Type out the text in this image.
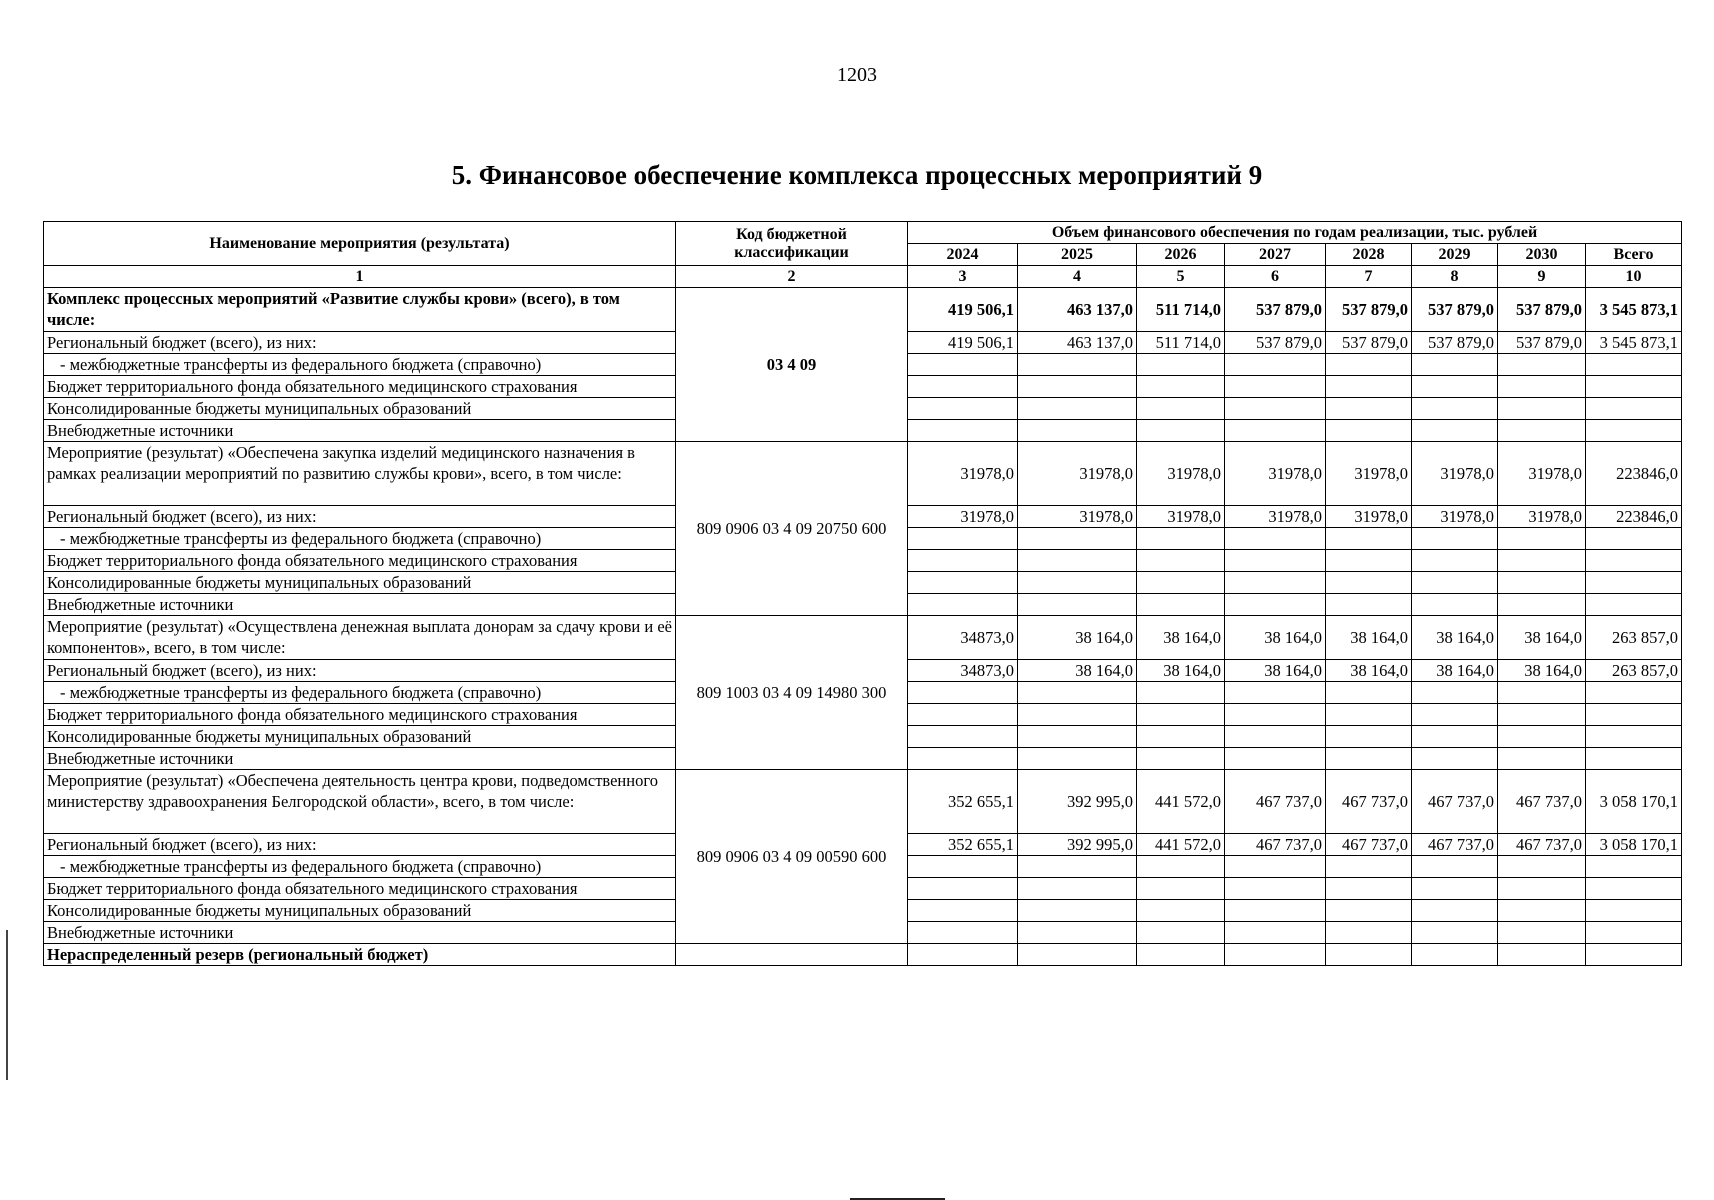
1203
5. Финансовое обеспечение комплекса процессных мероприятий 9
Наименование мероприятия (результата)	Код бюджетной классификации	Объем финансового обеспечения по годам реализации, тыс. рублей							
		2024	2025	2026	2027	2028	2029	2030	Всего
1	2	3	4	5	6	7	8	9	10
Комплекс процессных мероприятий «Развитие службы крови» (всего), в том числе:	03 4 09	419 506,1	463 137,0	511 714,0	537 879,0	537 879,0	537 879,0	537 879,0	3 545 873,1
Региональный бюджет (всего), из них:		419 506,1	463 137,0	511 714,0	537 879,0	537 879,0	537 879,0	537 879,0	3 545 873,1
- межбюджетные трансферты из федерального бюджета (справочно)									
Бюджет территориального фонда обязательного медицинского страхования									
Консолидированные бюджеты муниципальных образований									
Внебюджетные источники									
Мероприятие (результат) «Обеспечена закупка изделий медицинского назначения в рамках реализации мероприятий по развитию службы крови», всего, в том числе:	809 0906 03 4 09 20750 600	31978,0	31978,0	31978,0	31978,0	31978,0	31978,0	31978,0	223846,0
Региональный бюджет (всего), из них:		31978,0	31978,0	31978,0	31978,0	31978,0	31978,0	31978,0	223846,0
- межбюджетные трансферты из федерального бюджета (справочно)									
Бюджет территориального фонда обязательного медицинского страхования									
Консолидированные бюджеты муниципальных образований									
Внебюджетные источники									
Мероприятие (результат) «Осуществлена денежная выплата донорам за сдачу крови и её компонентов», всего, в том числе:	809 1003 03 4 09 14980 300	34873,0	38 164,0	38 164,0	38 164,0	38 164,0	38 164,0	38 164,0	263 857,0
Региональный бюджет (всего), из них:		34873,0	38 164,0	38 164,0	38 164,0	38 164,0	38 164,0	38 164,0	263 857,0
- межбюджетные трансферты из федерального бюджета (справочно)									
Бюджет территориального фонда обязательного медицинского страхования									
Консолидированные бюджеты муниципальных образований									
Внебюджетные источники									
Мероприятие (результат) «Обеспечена деятельность центра крови, подведомственного министерству здравоохранения Белгородской области», всего, в том числе:	809 0906 03 4 09 00590 600	352 655,1	392 995,0	441 572,0	467 737,0	467 737,0	467 737,0	467 737,0	3 058 170,1
Региональный бюджет (всего), из них:		352 655,1	392 995,0	441 572,0	467 737,0	467 737,0	467 737,0	467 737,0	3 058 170,1
- межбюджетные трансферты из федерального бюджета (справочно)									
Бюджет территориального фонда обязательного медицинского страхования									
Консолидированные бюджеты муниципальных образований									
Внебюджетные источники									
Нераспределенный резерв (региональный бюджет)									
